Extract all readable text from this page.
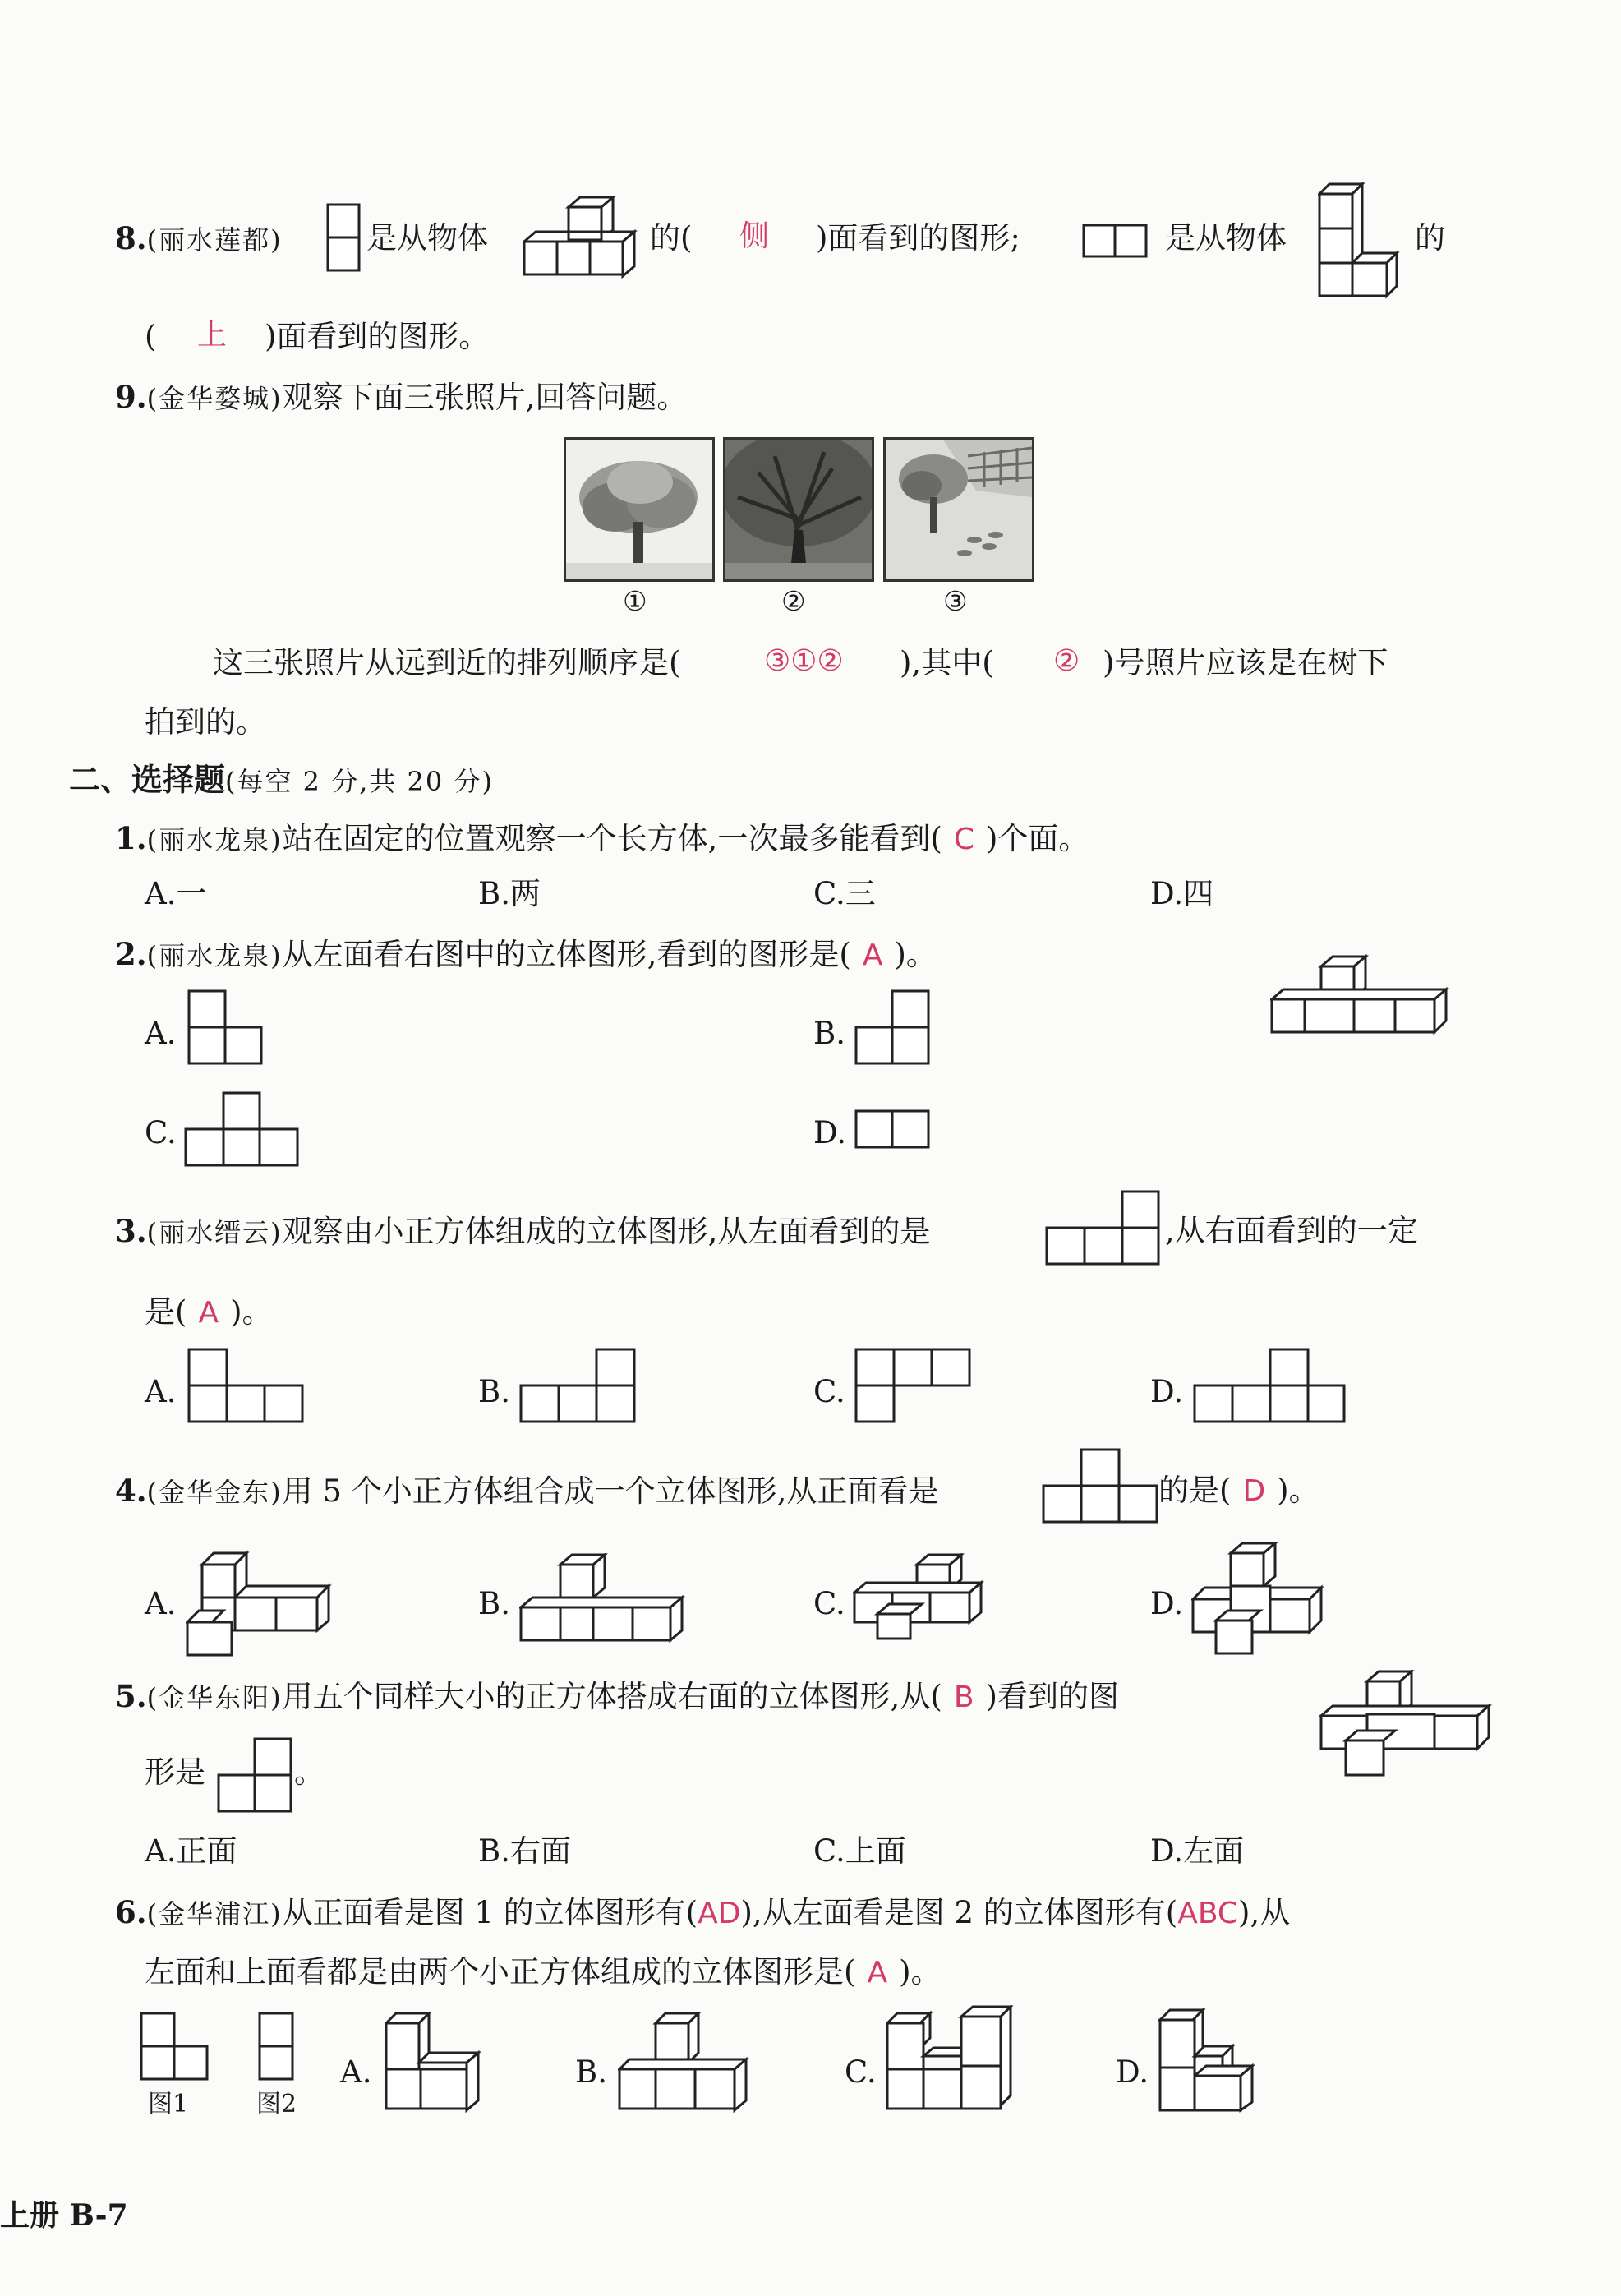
8.(丽水莲都)	是从物体	的( 侧 )面看到的图形;	是从物体	的
( 上 )面看到的图形。
9.(金华婺城)观察下面三张照片,回答问题。
①	②	③
这三张照片从远到近的排列顺序是(	③①② ),其中( ② )号照片应该是在树下
拍到的。
二、选择题(每空 2 分,共 20 分)
1.(丽水龙泉)站在固定的位置观察一个长方体,一次最多能看到( C )个面。
A.一	B.两	C.三	D.四
2.(丽水龙泉)从左面看右图中的立体图形,看到的图形是( A )。
A.	B.
C.	D.
3.(丽水缙云)观察由小正方体组成的立体图形,从左面看到的是	,从右面看到的一定
是( A )。
A.	B.	C.	D.
4.(金华金东)用 5 个小正方体组合成一个立体图形,从正面看是	的是( D )。
A.	B.	C.	D.
5.(金华东阳)用五个同样大小的正方体搭成右面的立体图形,从( B )看到的图
形是	。
A.正面	B.右面	C.上面	D.左面
6.(金华浦江)从正面看是图 1 的立体图形有(AD),从左面看是图 2 的立体图形有(ABC),从
左面和上面看都是由两个小正方体组成的立体图形是( A )。
图1	图2
A.	B.	C.	D.
上册 B-7
